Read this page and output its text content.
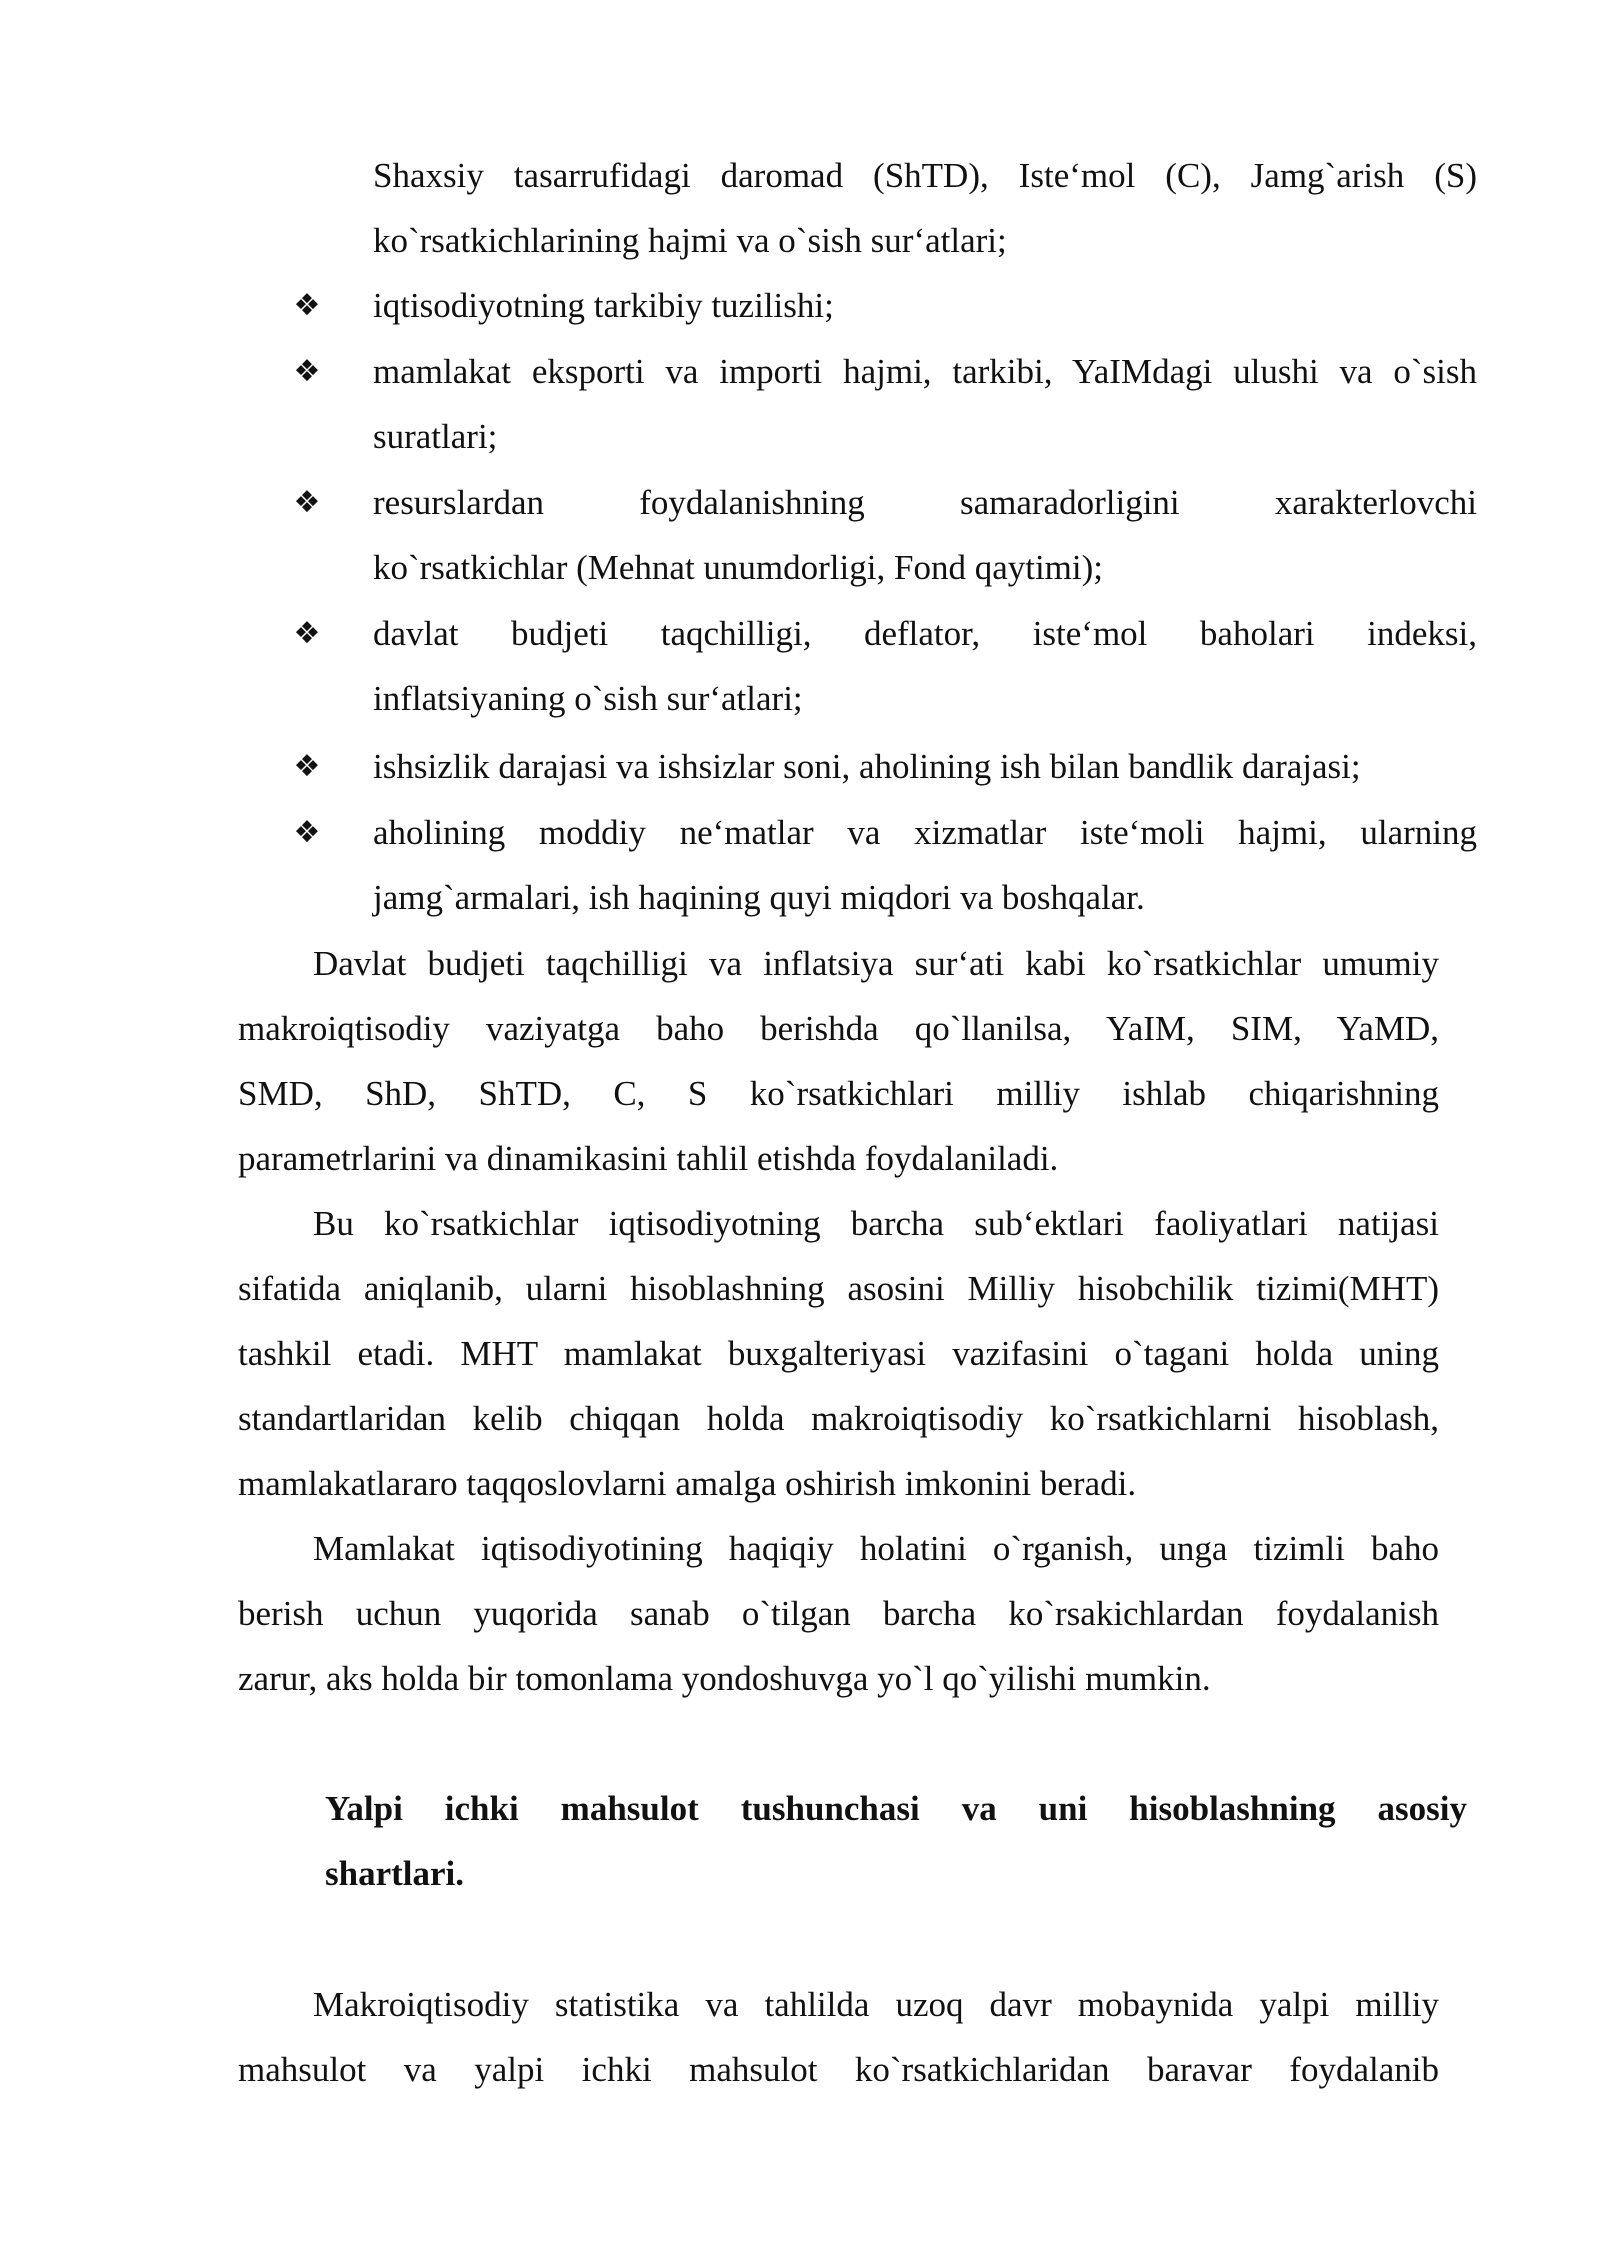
Shaxsiy tasarrufidagi daromad (ShTD), Iste‘mol (C), Jamg`arish (S)
ko`rsatkichlarining hajmi va o`sish sur‘atlari;
❖ iqtisodiyotning tarkibiy tuzilishi;
❖ mamlakat eksporti va importi hajmi, tarkibi, YaIMdagi ulushi va o`sish
suratlari;
❖ resurslardan foydalanishning samaradorligini xarakterlovchi
ko`rsatkichlar (Mehnat unumdorligi, Fond qaytimi);
❖ davlat budjeti taqchilligi, deflator, iste‘mol baholari indeksi,
inflatsiyaning o`sish sur‘atlari;
❖ ishsizlik darajasi va ishsizlar soni, aholining ish bilan bandlik darajasi;
❖ aholining moddiy ne‘matlar va xizmatlar iste‘moli hajmi, ularning
jamg`armalari, ish haqining quyi miqdori va boshqalar.
Davlat budjeti taqchilligi va inflatsiya sur‘ati kabi ko`rsatkichlar umumiy
makroiqtisodiy vaziyatga baho berishda qo`llanilsa, YaIM, SIM, YaMD,
SMD, ShD, ShTD, C, S ko`rsatkichlari milliy ishlab chiqarishning
parametrlarini va dinamikasini tahlil etishda foydalaniladi.
Bu ko`rsatkichlar iqtisodiyotning barcha sub‘ektlari faoliyatlari natijasi
sifatida aniqlanib, ularni hisoblashning asosini Milliy hisobchilik tizimi(MHT)
tashkil etadi. MHT mamlakat buxgalteriyasi vazifasini o`tagani holda uning
standartlaridan kelib chiqqan holda makroiqtisodiy ko`rsatkichlarni hisoblash,
mamlakatlararo taqqoslovlarni amalga oshirish imkonini beradi.
Mamlakat iqtisodiyotining haqiqiy holatini o`rganish, unga tizimli baho
berish uchun yuqorida sanab o`tilgan barcha ko`rsakichlardan foydalanish
zarur, aks holda bir tomonlama yondoshuvga yo`l qo`yilishi mumkin.
Yalpi ichki mahsulot tushunchasi va uni hisoblashning asosiy
shartlari.
Makroiqtisodiy statistika va tahlilda uzoq davr mobaynida yalpi milliy
mahsulot va yalpi ichki mahsulot ko`rsatkichlaridan baravar foydalanib
